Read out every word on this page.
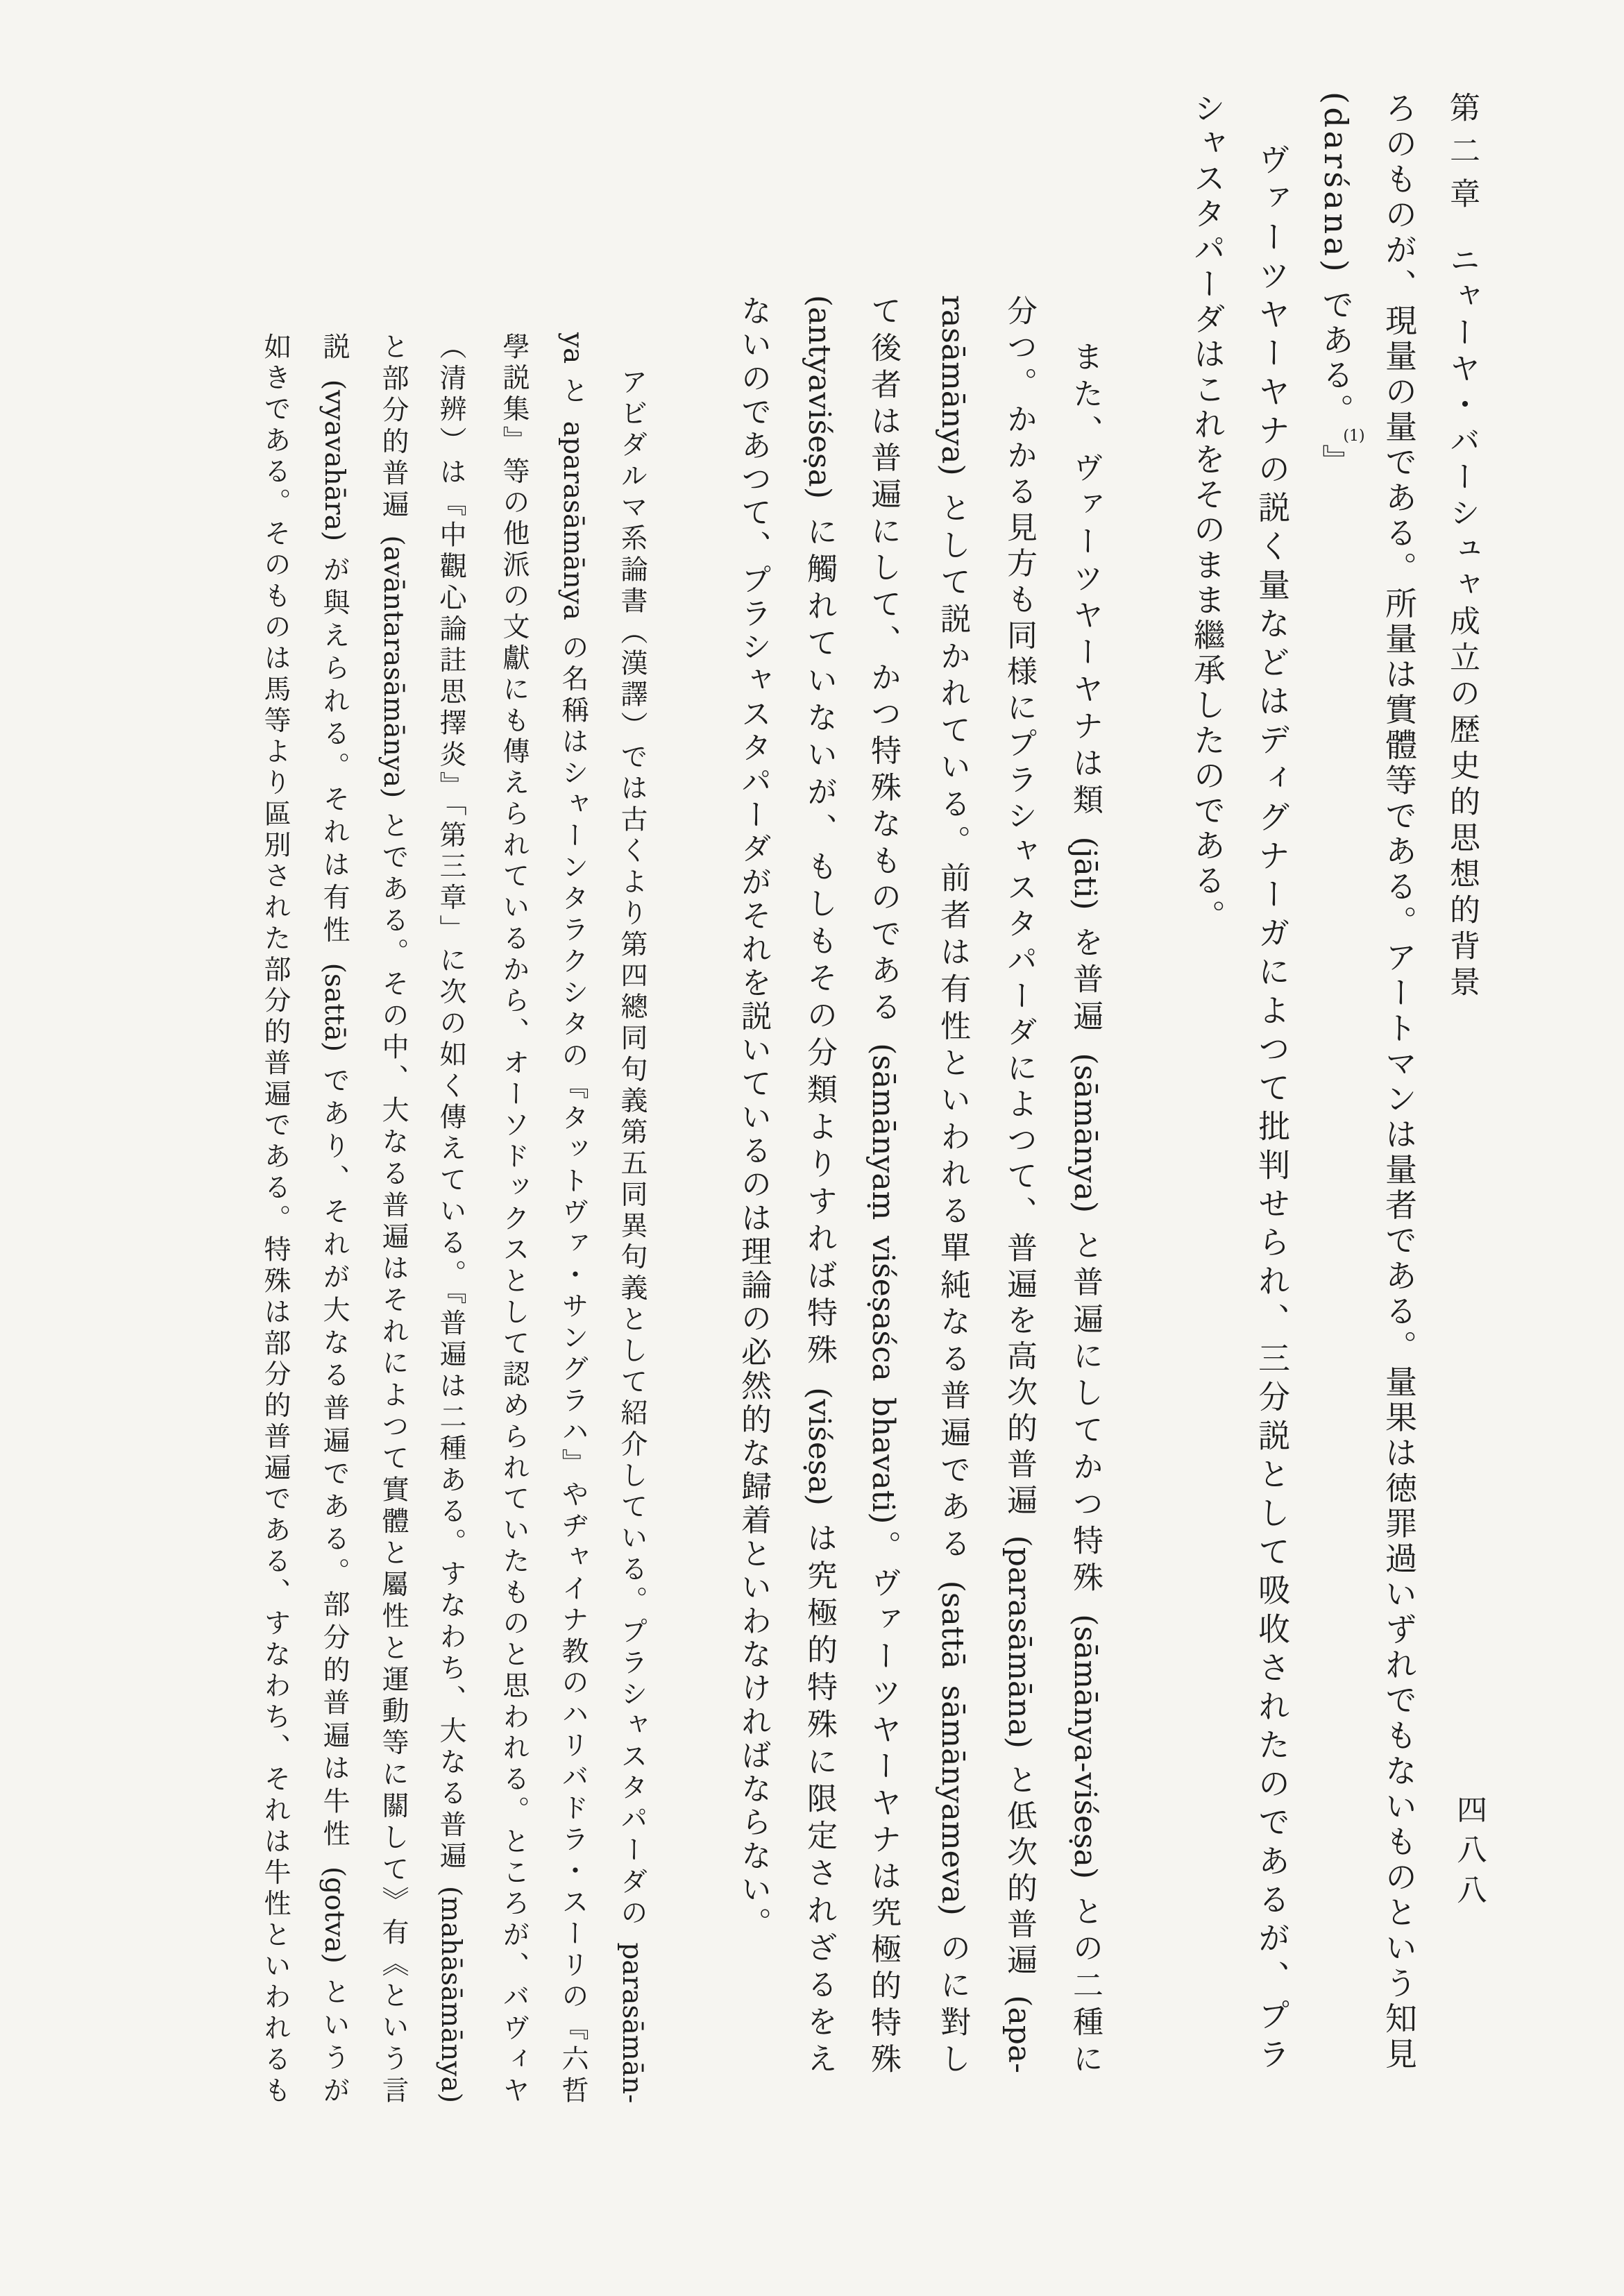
第二章
ニャーヤ・バーシュャ成立の歴史的思想的背景
四八八
ろのものが、現量の量である。所量は實體等である。アートマンは量者である。量果は徳罪過いずれでもないものという知見
(darśana) である。(1)』
ヴァーツヤーヤナの説く量などはディグナーガによつて批判せられ、三分説として吸收されたのであるが、プラ
シャスタパーダはこれをそのまま繼承したのである。
また、ヴァーツヤーヤナは類 (jāti) を普遍 (sāmānya) と普遍にしてかつ特殊 (sāmānya-viśeṣa) との二種に
分つ。かかる見方も同様にプラシャスタパーダによつて、普遍を高次的普遍 (parasāmāna) と低次的普遍 (apa-
rasāmānya) として説かれている。前者は有性といわれる單純なる普遍である (sattā sāmānyameva) のに對し
て後者は普遍にして、かつ特殊なものである (sāmānyaṃ viśeṣaśca bhavati)。ヴァーツヤーヤナは究極的特殊
(antyaviśeṣa) に觸れていないが、もしもその分類よりすれば特殊 (viśeṣa) は究極的特殊に限定されざるをえ
ないのであつて、プラシャスタパーダがそれを説いているのは理論の必然的な歸着といわなければならない。
アビダルマ系論書（漢譯）では古くより第四總同句義第五同異句義として紹介している。プラシャスタパーダの parasāmān-
ya と aparasāmānya の名稱はシャーンタラクシタの『タットヴァ・サングラハ』やヂャイナ教のハリバドラ・スーリの『六哲
學説集』等の他派の文獻にも傳えられているから、オーソドックスとして認められていたものと思われる。ところが、バヴィヤ
（清辨）は『中觀心論註思擇炎』「第三章」に次の如く傳えている。『普遍は二種ある。すなわち、大なる普遍 (mahāsāmānya)
と部分的普遍 (avāntarasāmānya) とである。その中、大なる普遍はそれによつて實體と屬性と運動等に關して》有《という言
説 (vyavahāra) が與えられる。それは有性 (sattā) であり、それが大なる普遍である。部分的普遍は牛性 (gotva) というが
如きである。そのものは馬等より區別された部分的普遍である。特殊は部分的普遍である、すなわち、それは牛性といわれるも
